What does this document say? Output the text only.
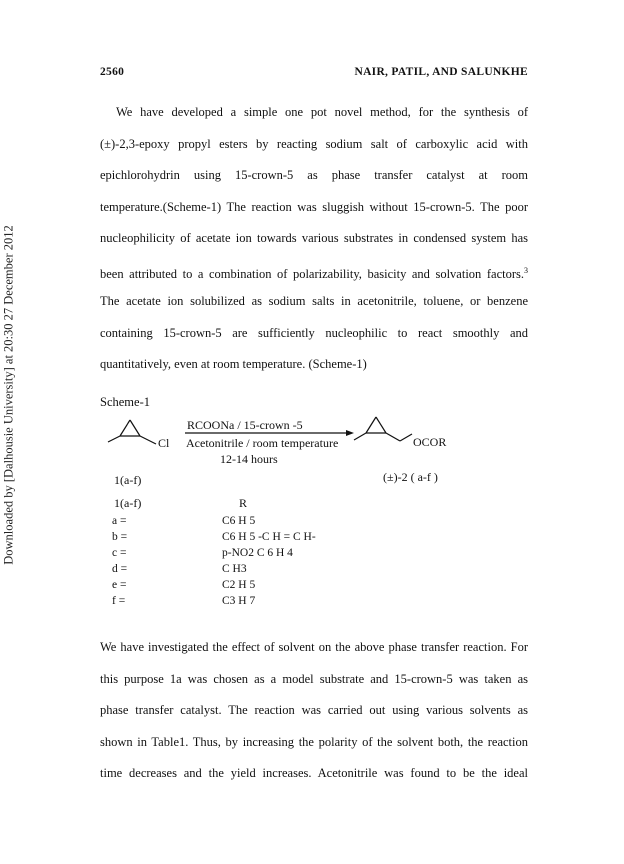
Downloaded by [Dalhousie University] at 20:30 27 December 2012
2560	NAIR, PATIL, AND SALUNKHE
We have developed a simple one pot novel method, for the synthesis of
(±)-2,3-epoxy propyl esters by reacting sodium salt of carboxylic acid with
epichlorohydrin using 15-crown-5 as phase transfer catalyst at room
temperature.(Scheme-1) The reaction was sluggish without 15-crown-5. The poor
nucleophilicity of acetate ion towards various substrates in condensed system has
been attributed to a combination of polarizability, basicity and solvation factors.$^3$
The acetate ion solubilized as sodium salts in acetonitrile, toluene, or benzene
containing 15-crown-5 are sufficiently nucleophilic to react smoothly and
quantitatively, even at room temperature. (Scheme-1)
Scheme-1
Cl
RCOONa / 15-crown -5
Acetonitrile / room temperature
12-14 hours
OCOR
1(a-f)	(±)-2 ( a-f )
1(a-f)	R
a =	C6 H 5
b =	C6 H 5 -C H = C H-
c =	p-NO2 C 6 H 4
d =	C H3
e =	C2 H 5
f =	C3 H 7
We have investigated the effect of solvent on the above phase transfer reaction. For
this purpose 1a was chosen as a model substrate and 15-crown-5 was taken as
phase transfer catalyst. The reaction was carried out using various solvents as
shown in Table1. Thus, by increasing the polarity of the solvent both, the reaction
time decreases and the yield increases. Acetonitrile was found to be the ideal
